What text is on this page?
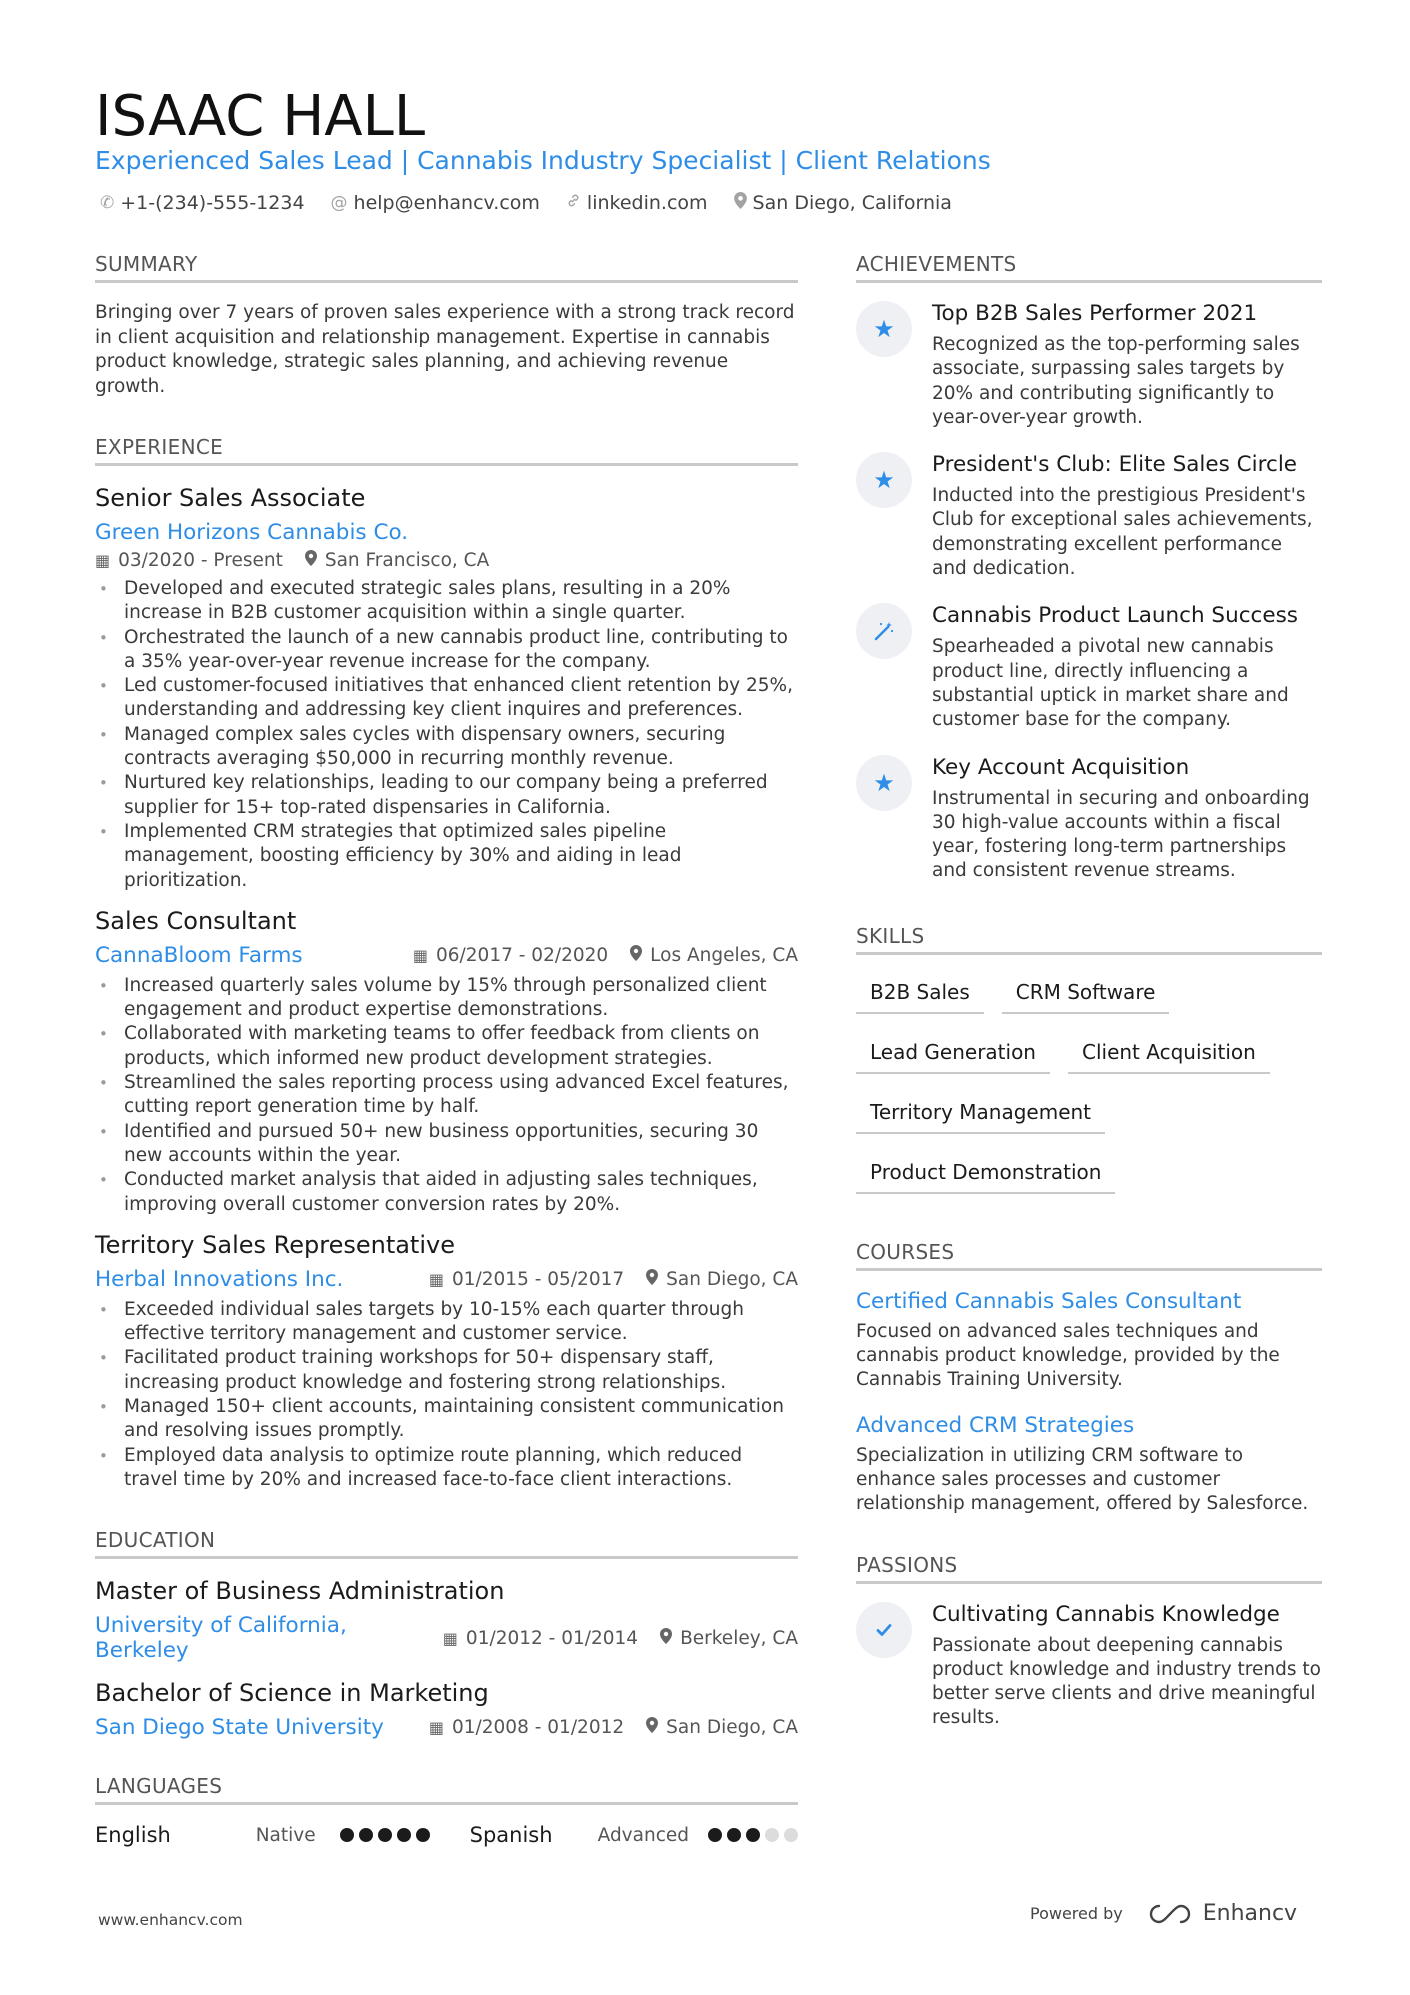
ISAAC HALL
Experienced Sales Lead | Cannabis Industry Specialist | Client Relations
✆ +1-(234)-555-1234 @ help@enhancv.com linkedin.com San Diego, California
SUMMARY
Bringing over 7 years of proven sales experience with a strong track record in client acquisition and relationship management. Expertise in cannabis product knowledge, strategic sales planning, and achieving revenue growth.
EXPERIENCE
Senior Sales Associate
Green Horizons Cannabis Co.
▦ 03/2020 - Present	San Francisco, CA
• Developed and executed strategic sales plans, resulting in a 20% increase in B2B customer acquisition within a single quarter.
• Orchestrated the launch of a new cannabis product line, contributing to a 35% year-over-year revenue increase for the company.
• Led customer-focused initiatives that enhanced client retention by 25%, understanding and addressing key client inquires and preferences.
• Managed complex sales cycles with dispensary owners, securing contracts averaging $50,000 in recurring monthly revenue.
• Nurtured key relationships, leading to our company being a preferred supplier for 15+ top-rated dispensaries in California.
• Implemented CRM strategies that optimized sales pipeline management, boosting efficiency by 30% and aiding in lead prioritization.
Sales Consultant
CannaBloom Farms	▦ 06/2017 - 02/2020	Los Angeles, CA
• Increased quarterly sales volume by 15% through personalized client engagement and product expertise demonstrations.
• Collaborated with marketing teams to offer feedback from clients on products, which informed new product development strategies.
• Streamlined the sales reporting process using advanced Excel features, cutting report generation time by half.
• Identified and pursued 50+ new business opportunities, securing 30 new accounts within the year.
• Conducted market analysis that aided in adjusting sales techniques, improving overall customer conversion rates by 20%.
Territory Sales Representative
Herbal Innovations Inc.	▦ 01/2015 - 05/2017	San Diego, CA
• Exceeded individual sales targets by 10-15% each quarter through effective territory management and customer service.
• Facilitated product training workshops for 50+ dispensary staff, increasing product knowledge and fostering strong relationships.
• Managed 150+ client accounts, maintaining consistent communication and resolving issues promptly.
• Employed data analysis to optimize route planning, which reduced travel time by 20% and increased face-to-face client interactions.
EDUCATION
Master of Business Administration
University of California, Berkeley	▦ 01/2012 - 01/2014	Berkeley, CA
Bachelor of Science in Marketing
San Diego State University	▦ 01/2008 - 01/2012	San Diego, CA
LANGUAGES
English	Native	Spanish	Advanced
ACHIEVEMENTS
★
Top B2B Sales Performer 2021
Recognized as the top-performing sales associate, surpassing sales targets by 20% and contributing significantly to year-over-year growth.
★
President's Club: Elite Sales Circle
Inducted into the prestigious President's Club for exceptional sales achievements, demonstrating excellent performance and dedication.
Cannabis Product Launch Success
Spearheaded a pivotal new cannabis product line, directly influencing a substantial uptick in market share and customer base for the company.
★
Key Account Acquisition
Instrumental in securing and onboarding 30 high-value accounts within a fiscal year, fostering long-term partnerships and consistent revenue streams.
SKILLS
B2B Sales	CRM Software
Lead Generation	Client Acquisition
Territory Management
Product Demonstration
COURSES
Certified Cannabis Sales Consultant
Focused on advanced sales techniques and cannabis product knowledge, provided by the Cannabis Training University.
Advanced CRM Strategies
Specialization in utilizing CRM software to enhance sales processes and customer relationship management, offered by Salesforce.
PASSIONS
Cultivating Cannabis Knowledge
Passionate about deepening cannabis product knowledge and industry trends to better serve clients and drive meaningful results.
www.enhancv.com	Powered by	Enhancv
